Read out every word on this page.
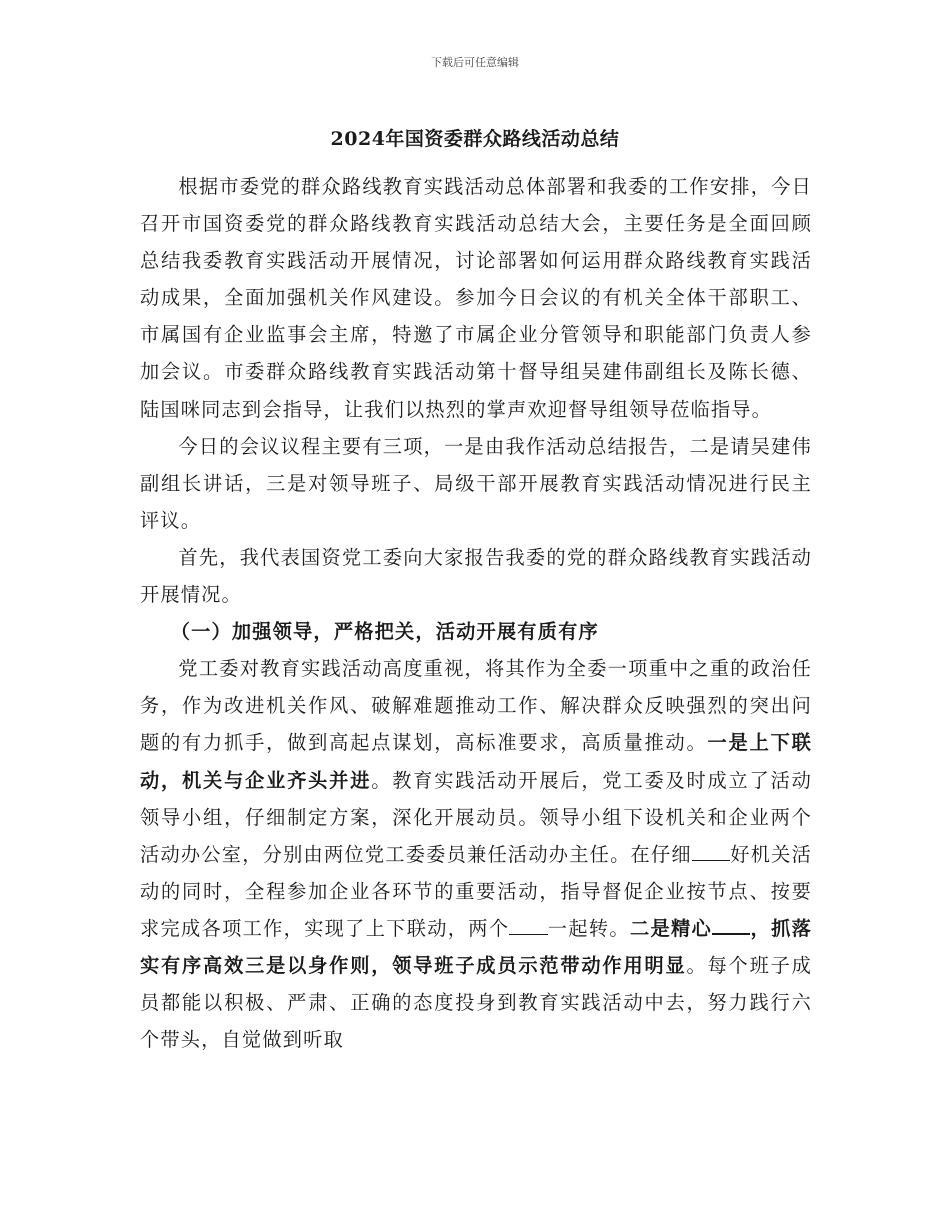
下载后可任意编辑
2024年国资委群众路线活动总结

根据市委党的群众路线教育实践活动总体部署和我委的工作安排，今日召开市国资委党的群众路线教育实践活动总结大会，主要任务是全面回顾总结我委教育实践活动开展情况，讨论部署如何运用群众路线教育实践活动成果，全面加强机关作风建设。参加今日会议的有机关全体干部职工、市属国有企业监事会主席，特邀了市属企业分管领导和职能部门负责人参加会议。市委群众路线教育实践活动第十督导组吴建伟副组长及陈长德、陆国咪同志到会指导，让我们以热烈的掌声欢迎督导组领导莅临指导。

今日的会议议程主要有三项，一是由我作活动总结报告，二是请吴建伟副组长讲话，三是对领导班子、局级干部开展教育实践活动情况进行民主评议。

首先，我代表国资党工委向大家报告我委的党的群众路线教育实践活动开展情况。

（一）加强领导，严格把关，活动开展有质有序

党工委对教育实践活动高度重视，将其作为全委一项重中之重的政治任务，作为改进机关作风、破解难题推动工作、解决群众反映强烈的突出问题的有力抓手，做到高起点谋划，高标准要求，高质量推动。一是上下联动，机关与企业齐头并进。教育实践活动开展后，党工委及时成立了活动领导小组，仔细制定方案，深化开展动员。领导小组下设机关和企业两个活动办公室，分别由两位党工委委员兼任活动办主任。在仔细 好机关活动的同时，全程参加企业各环节的重要活动，指导督促企业按节点、按要求完成各项工作，实现了上下联动，两个 一起转。二是精心 ，抓落实有序高效三是以身作则，领导班子成员示范带动作用明显。每个班子成员都能以积极、严肃、正确的态度投身到教育实践活动中去，努力践行六个带头，自觉做到听取
